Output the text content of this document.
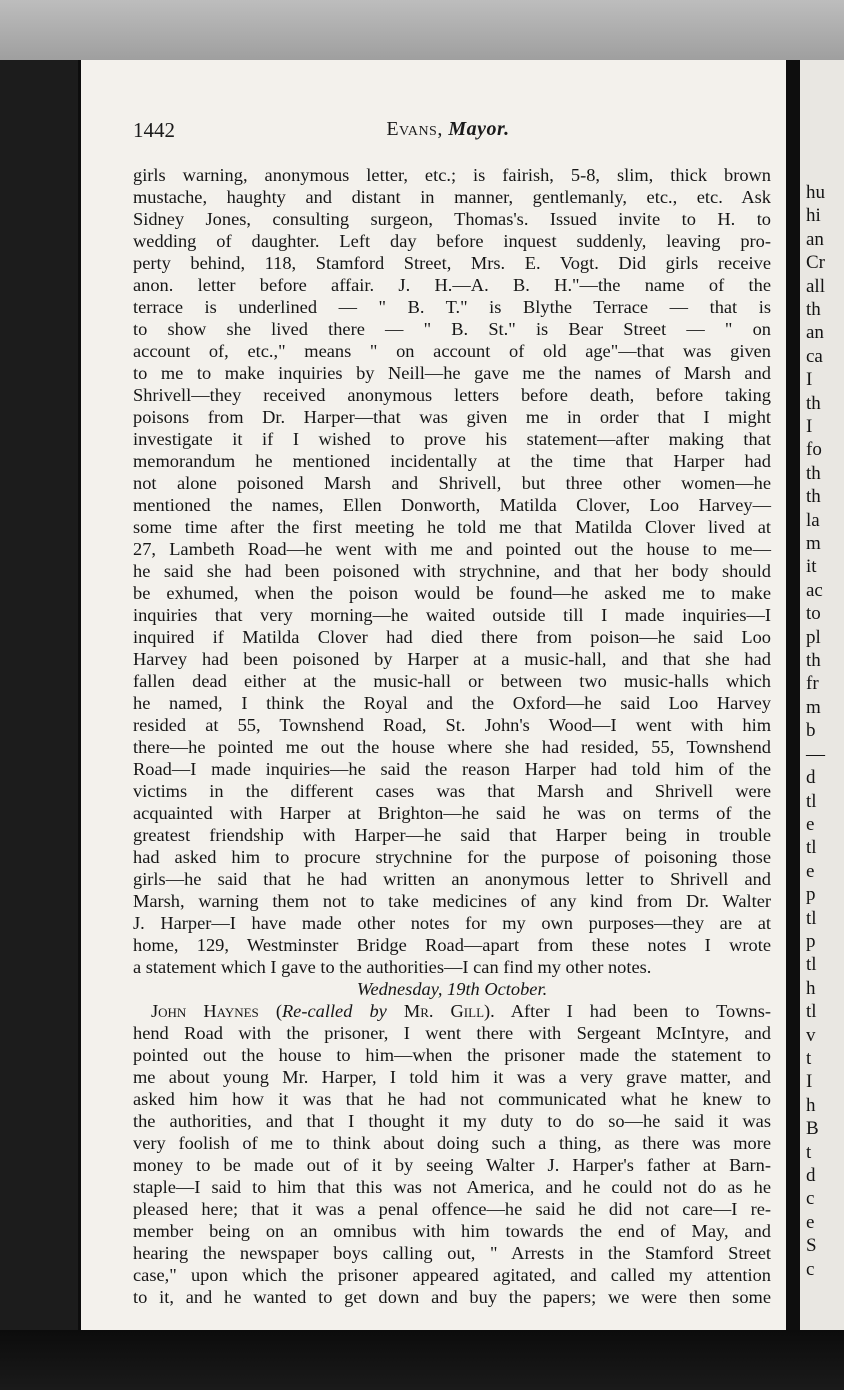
1442	Evans, Mayor.
girls warning, anonymous letter, etc.; is fairish, 5-8, slim, thick brown
mustache, haughty and distant in manner, gentlemanly, etc., etc. Ask
Sidney Jones, consulting surgeon, Thomas's. Issued invite to H. to
wedding of daughter. Left day before inquest suddenly, leaving pro-
perty behind, 118, Stamford Street, Mrs. E. Vogt. Did girls receive
anon. letter before affair. J. H.—A. B. H."—the name of the
terrace is underlined — " B. T." is Blythe Terrace — that is
to show she lived there — " B. St." is Bear Street — " on
account of, etc.," means " on account of old age"—that was given
to me to make inquiries by Neill—he gave me the names of Marsh and
Shrivell—they received anonymous letters before death, before taking
poisons from Dr. Harper—that was given me in order that I might
investigate it if I wished to prove his statement—after making that
memorandum he mentioned incidentally at the time that Harper had
not alone poisoned Marsh and Shrivell, but three other women—he
mentioned the names, Ellen Donworth, Matilda Clover, Loo Harvey—
some time after the first meeting he told me that Matilda Clover lived at
27, Lambeth Road—he went with me and pointed out the house to me—
he said she had been poisoned with strychnine, and that her body should
be exhumed, when the poison would be found—he asked me to make
inquiries that very morning—he waited outside till I made inquiries—I
inquired if Matilda Clover had died there from poison—he said Loo
Harvey had been poisoned by Harper at a music-hall, and that she had
fallen dead either at the music-hall or between two music-halls which
he named, I think the Royal and the Oxford—he said Loo Harvey
resided at 55, Townshend Road, St. John's Wood—I went with him
there—he pointed me out the house where she had resided, 55, Townshend
Road—I made inquiries—he said the reason Harper had told him of the
victims in the different cases was that Marsh and Shrivell were
acquainted with Harper at Brighton—he said he was on terms of the
greatest friendship with Harper—he said that Harper being in trouble
had asked him to procure strychnine for the purpose of poisoning those
girls—he said that he had written an anonymous letter to Shrivell and
Marsh, warning them not to take medicines of any kind from Dr. Walter
J. Harper—I have made other notes for my own purposes—they are at
home, 129, Westminster Bridge Road—apart from these notes I wrote
a statement which I gave to the authorities—I can find my other notes.
Wednesday, 19th October.
John Haynes (Re-called by Mr. Gill). After I had been to Towns-
hend Road with the prisoner, I went there with Sergeant McIntyre, and
pointed out the house to him—when the prisoner made the statement to
me about young Mr. Harper, I told him it was a very grave matter, and
asked him how it was that he had not communicated what he knew to
the authorities, and that I thought it my duty to do so—he said it was
very foolish of me to think about doing such a thing, as there was more
money to be made out of it by seeing Walter J. Harper's father at Barn-
staple—I said to him that this was not America, and he could not do as he
pleased here; that it was a penal offence—he said he did not care—I re-
member being on an omnibus with him towards the end of May, and
hearing the newspaper boys calling out, " Arrests in the Stamford Street
case," upon which the prisoner appeared agitated, and called my attention
to it, and he wanted to get down and buy the papers; we were then some
hu
hi
an
Cr
all
th
an
ca
I
th
I
fo
th
th
la
m
it
ac
to
pl
th
fr
m
b
—
d
tl
e
tl
e
p
tl
p
tl
h
tl
v
t
I
h
B
t
d
c
e
S
c
